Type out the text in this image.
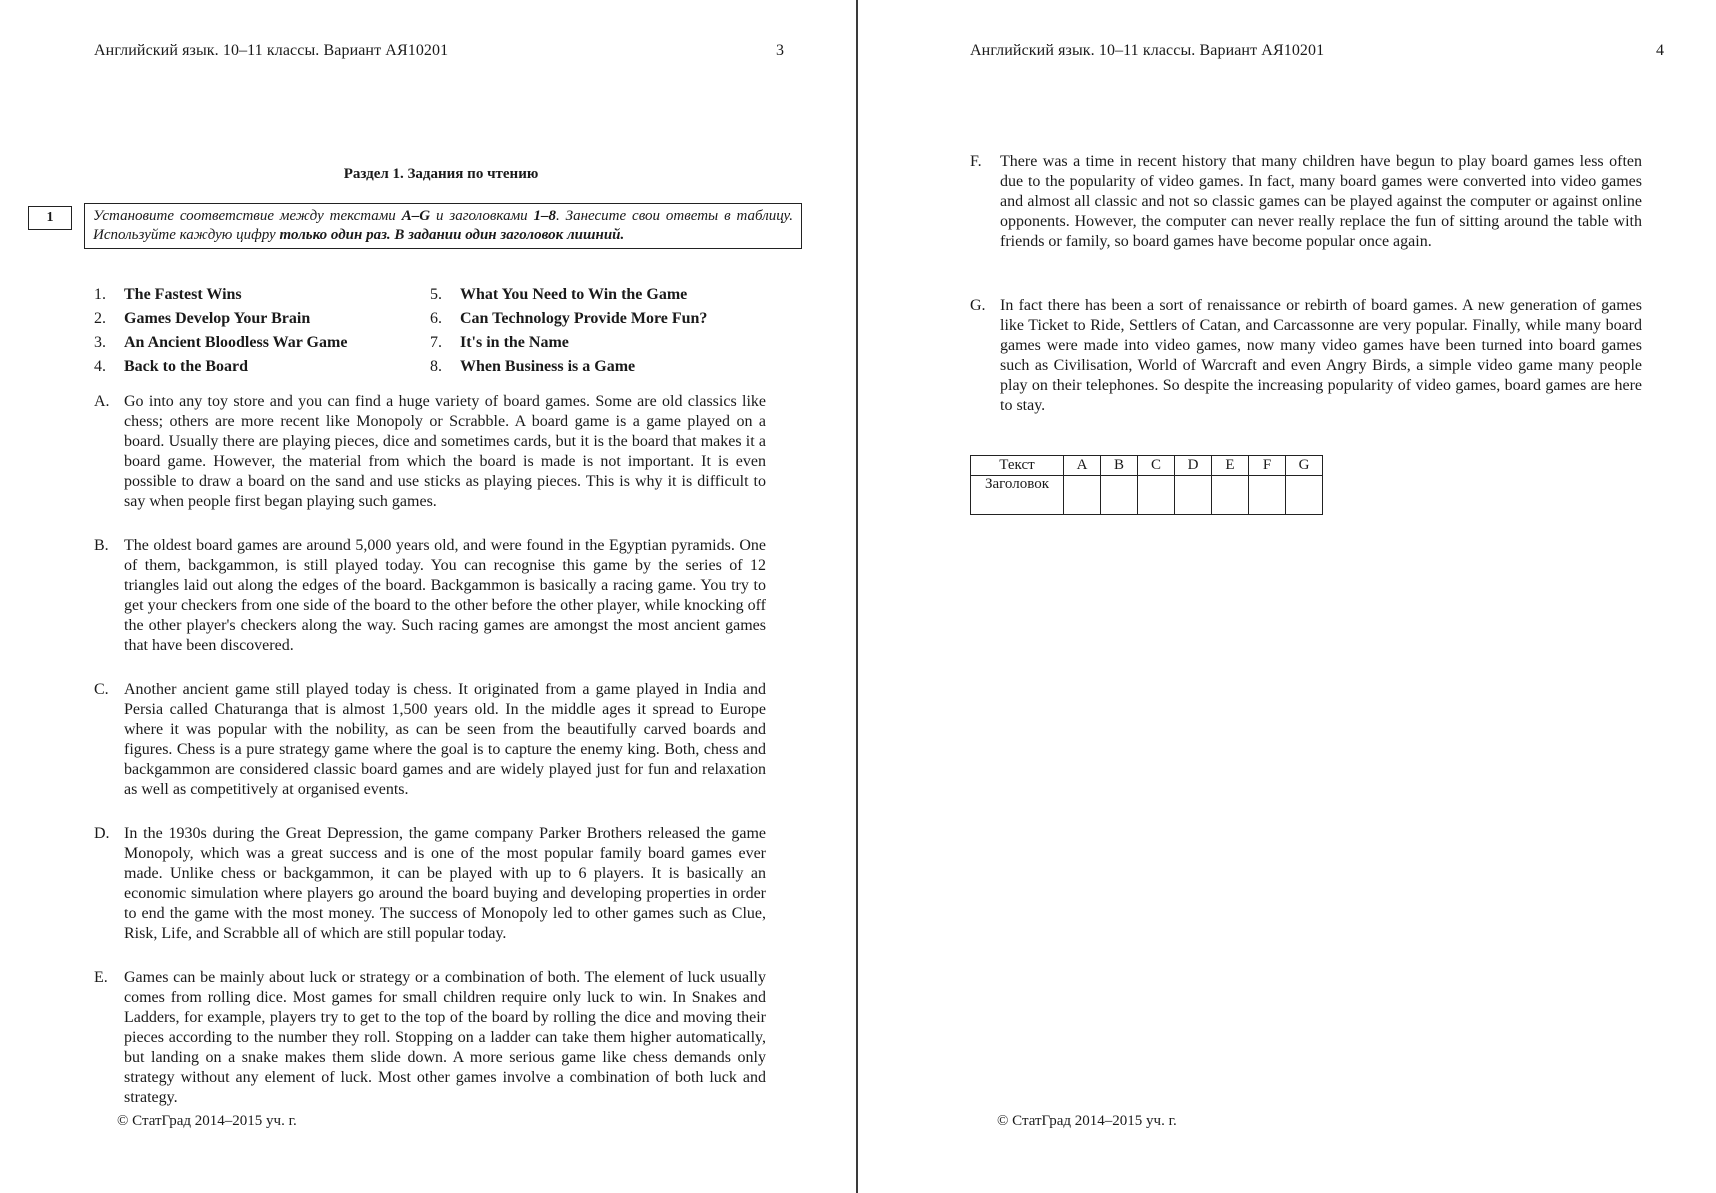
Английский язык. 10–11 классы. Вариант АЯ10201	3
Раздел 1. Задания по чтению
1	Установите соответствие между текстами A–G и заголовками 1–8. Занесите свои ответы в таблицу. Используйте каждую цифру только один раз. В задании один заголовок лишний.
1. The Fastest Wins
2. Games Develop Your Brain
3. An Ancient Bloodless War Game
4. Back to the Board
5. What You Need to Win the Game
6. Can Technology Provide More Fun?
7. It's in the Name
8. When Business is a Game
A. Go into any toy store and you can find a huge variety of board games. Some are old classics like chess; others are more recent like Monopoly or Scrabble. A board game is a game played on a board. Usually there are playing pieces, dice and sometimes cards, but it is the board that makes it a board game. However, the material from which the board is made is not important. It is even possible to draw a board on the sand and use sticks as playing pieces. This is why it is difficult to say when people first began playing such games.
B. The oldest board games are around 5,000 years old, and were found in the Egyptian pyramids. One of them, backgammon, is still played today. You can recognise this game by the series of 12 triangles laid out along the edges of the board. Backgammon is basically a racing game. You try to get your checkers from one side of the board to the other before the other player, while knocking off the other player's checkers along the way. Such racing games are amongst the most ancient games that have been discovered.
C. Another ancient game still played today is chess. It originated from a game played in India and Persia called Chaturanga that is almost 1,500 years old. In the middle ages it spread to Europe where it was popular with the nobility, as can be seen from the beautifully carved boards and figures. Chess is a pure strategy game where the goal is to capture the enemy king. Both, chess and backgammon are considered classic board games and are widely played just for fun and relaxation as well as competitively at organised events.
D. In the 1930s during the Great Depression, the game company Parker Brothers released the game Monopoly, which was a great success and is one of the most popular family board games ever made. Unlike chess or backgammon, it can be played with up to 6 players. It is basically an economic simulation where players go around the board buying and developing properties in order to end the game with the most money. The success of Monopoly led to other games such as Clue, Risk, Life, and Scrabble all of which are still popular today.
E. Games can be mainly about luck or strategy or a combination of both. The element of luck usually comes from rolling dice. Most games for small children require only luck to win. In Snakes and Ladders, for example, players try to get to the top of the board by rolling the dice and moving their pieces according to the number they roll. Stopping on a ladder can take them higher automatically, but landing on a snake makes them slide down. A more serious game like chess demands only strategy without any element of luck. Most other games involve a combination of both luck and strategy.
© СтатГрад 2014–2015 уч. г.
Английский язык. 10–11 классы. Вариант АЯ10201	4
F. There was a time in recent history that many children have begun to play board games less often due to the popularity of video games. In fact, many board games were converted into video games and almost all classic and not so classic games can be played against the computer or against online opponents. However, the computer can never really replace the fun of sitting around the table with friends or family, so board games have become popular once again.
G. In fact there has been a sort of renaissance or rebirth of board games. A new generation of games like Ticket to Ride, Settlers of Catan, and Carcassonne are very popular. Finally, while many board games were made into video games, now many video games have been turned into board games such as Civilisation, World of Warcraft and even Angry Birds, a simple video game many people play on their telephones. So despite the increasing popularity of video games, board games are here to stay.
Текст	A	B	C	D	E	F	G
Заголовок							
© СтатГрад 2014–2015 уч. г.
